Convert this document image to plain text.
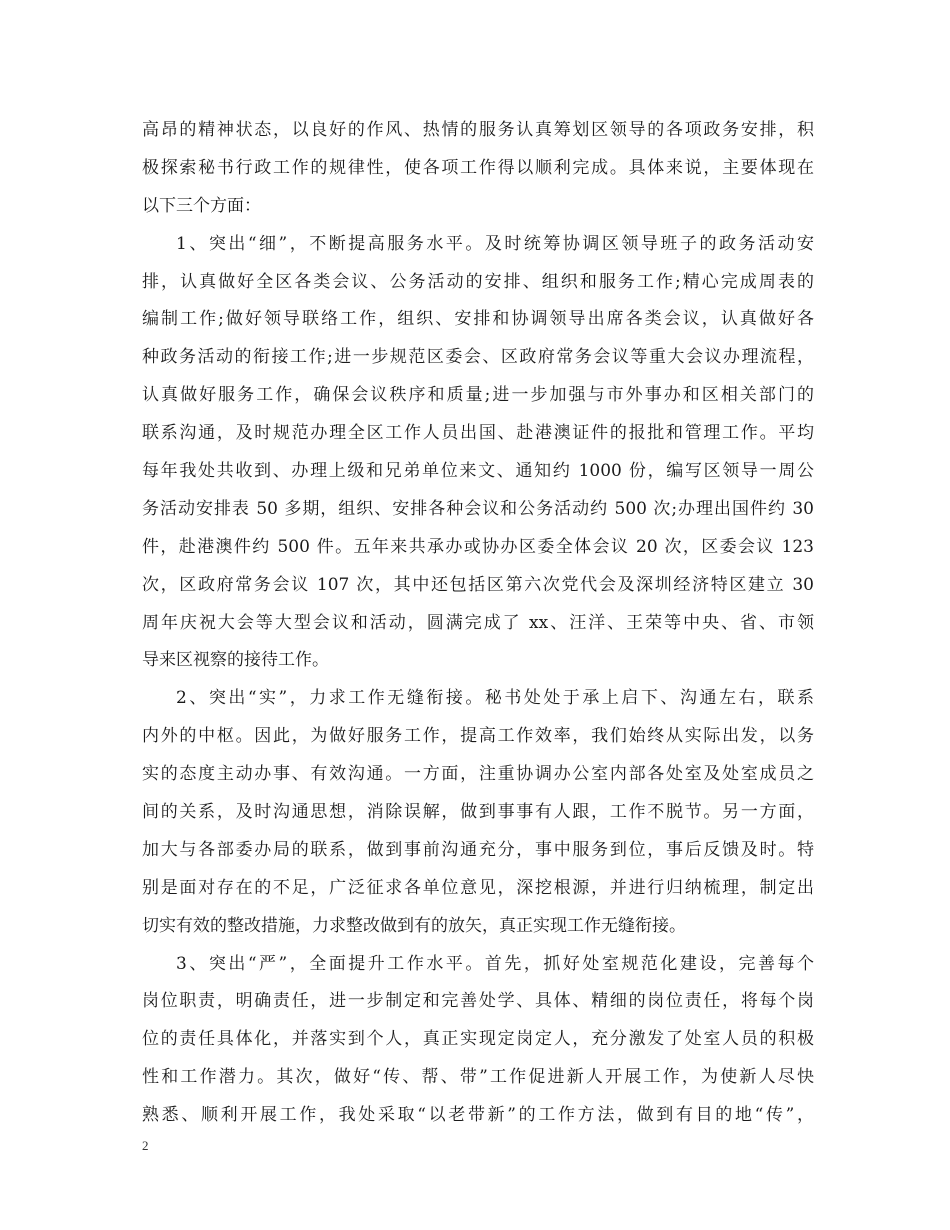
高昂的精神状态，以良好的作风、热情的服务认真筹划区领导的各项政务安排，积
极探索秘书行政工作的规律性，使各项工作得以顺利完成。具体来说，主要体现在
以下三个方面：
1、突出“细”，不断提高服务水平。及时统筹协调区领导班子的政务活动安
排，认真做好全区各类会议、公务活动的安排、组织和服务工作;精心完成周表的
编制工作;做好领导联络工作，组织、安排和协调领导出席各类会议，认真做好各
种政务活动的衔接工作;进一步规范区委会、区政府常务会议等重大会议办理流程，
认真做好服务工作，确保会议秩序和质量;进一步加强与市外事办和区相关部门的
联系沟通，及时规范办理全区工作人员出国、赴港澳证件的报批和管理工作。平均
每年我处共收到、办理上级和兄弟单位来文、通知约 1000 份，编写区领导一周公
务活动安排表 50 多期，组织、安排各种会议和公务活动约 500 次;办理出国件约 30
件，赴港澳件约 500 件。五年来共承办或协办区委全体会议 20 次，区委会议 123
次，区政府常务会议 107 次，其中还包括区第六次党代会及深圳经济特区建立 30
周年庆祝大会等大型会议和活动，圆满完成了 xx、汪洋、王荣等中央、省、市领
导来区视察的接待工作。
2、突出“实”，力求工作无缝衔接。秘书处处于承上启下、沟通左右，联系
内外的中枢。因此，为做好服务工作，提高工作效率，我们始终从实际出发，以务
实的态度主动办事、有效沟通。一方面，注重协调办公室内部各处室及处室成员之
间的关系，及时沟通思想，消除误解，做到事事有人跟，工作不脱节。另一方面，
加大与各部委办局的联系，做到事前沟通充分，事中服务到位，事后反馈及时。特
别是面对存在的不足，广泛征求各单位意见，深挖根源，并进行归纳梳理，制定出
切实有效的整改措施，力求整改做到有的放矢，真正实现工作无缝衔接。
3、突出“严”，全面提升工作水平。首先，抓好处室规范化建设，完善每个
岗位职责，明确责任，进一步制定和完善处学、具体、精细的岗位责任，将每个岗
位的责任具体化，并落实到个人，真正实现定岗定人，充分激发了处室人员的积极
性和工作潜力。其次，做好“传、帮、带”工作促进新人开展工作，为使新人尽快
熟悉、顺利开展工作，我处采取“以老带新”的工作方法，做到有目的地“传”，
2
